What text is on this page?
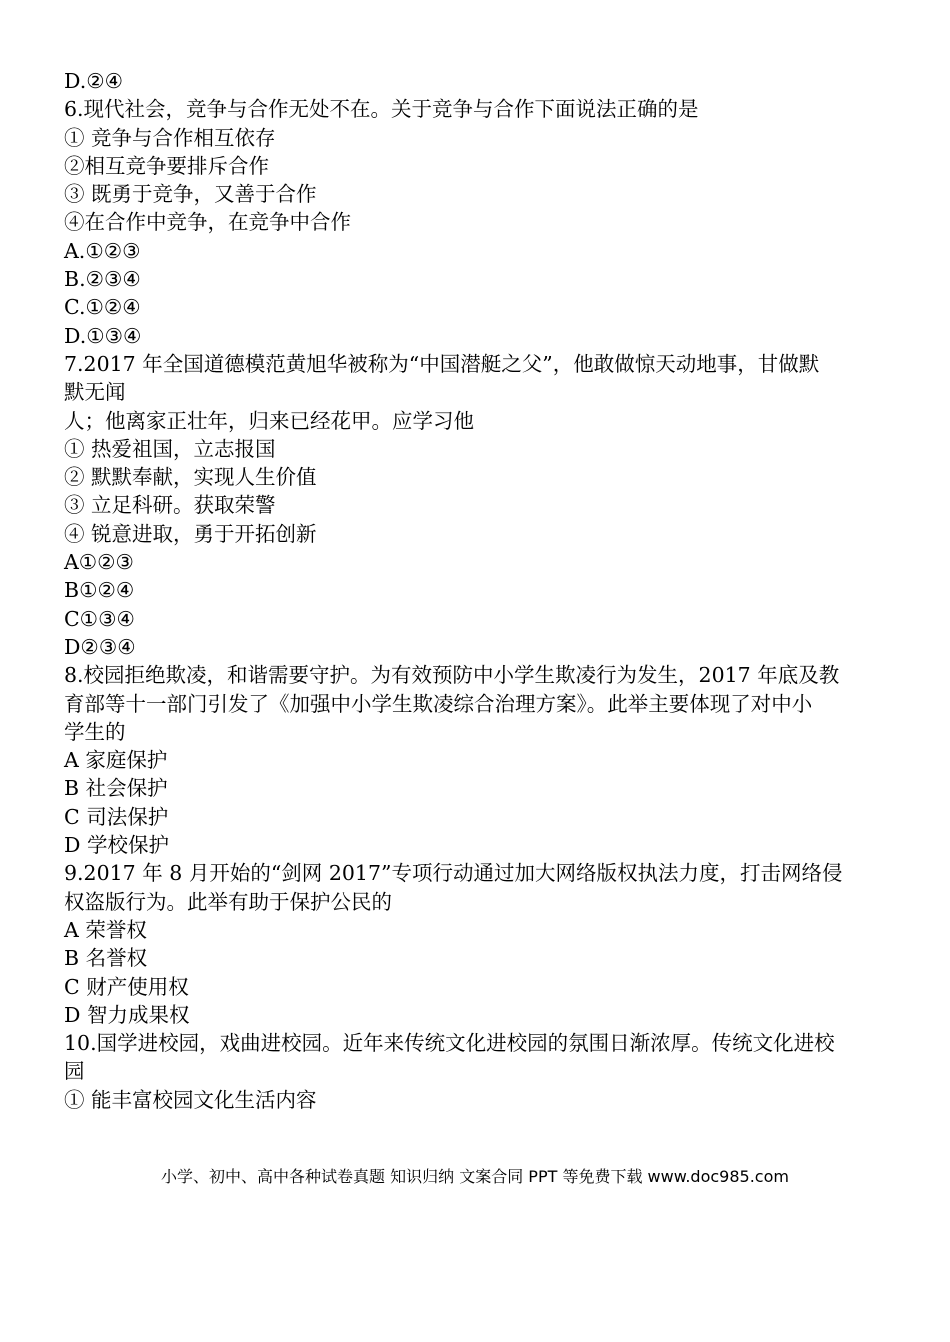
D.②④
6.现代社会，竞争与合作无处不在。关于竞争与合作下面说法正确的是
① 竞争与合作相互依存
②相互竞争要排斥合作
③ 既勇于竞争，又善于合作
④在合作中竞争，在竞争中合作
A.①②③
B.②③④
C.①②④
D.①③④
7.2017 年全国道德模范黄旭华被称为“中国潜艇之父”，他敢做惊天动地事，甘做默
默无闻
人；他离家正壮年，归来已经花甲。应学习他
① 热爱祖国，立志报国
② 默默奉献，实现人生价值
③ 立足科研。获取荣警
④ 锐意进取，勇于开拓创新
A①②③
B①②④
C①③④
D②③④
8.校园拒绝欺凌，和谐需要守护。为有效预防中小学生欺凌行为发生，2017 年底及教
育部等十一部门引发了《加强中小学生欺凌综合治理方案》。此举主要体现了对中小
学生的
A 家庭保护
B 社会保护
C 司法保护
D 学校保护
9.2017 年 8 月开始的“剑网 2017”专项行动通过加大网络版权执法力度，打击网络侵
权盗版行为。此举有助于保护公民的
A 荣誉权
B 名誉权
C 财产使用权
D 智力成果权
10.国学进校园，戏曲进校园。近年来传统文化进校园的氛围日渐浓厚。传统文化进校
园
① 能丰富校园文化生活内容
小学、初中、高中各种试卷真题 知识归纳 文案合同 PPT 等免费下载 www.doc985.com
